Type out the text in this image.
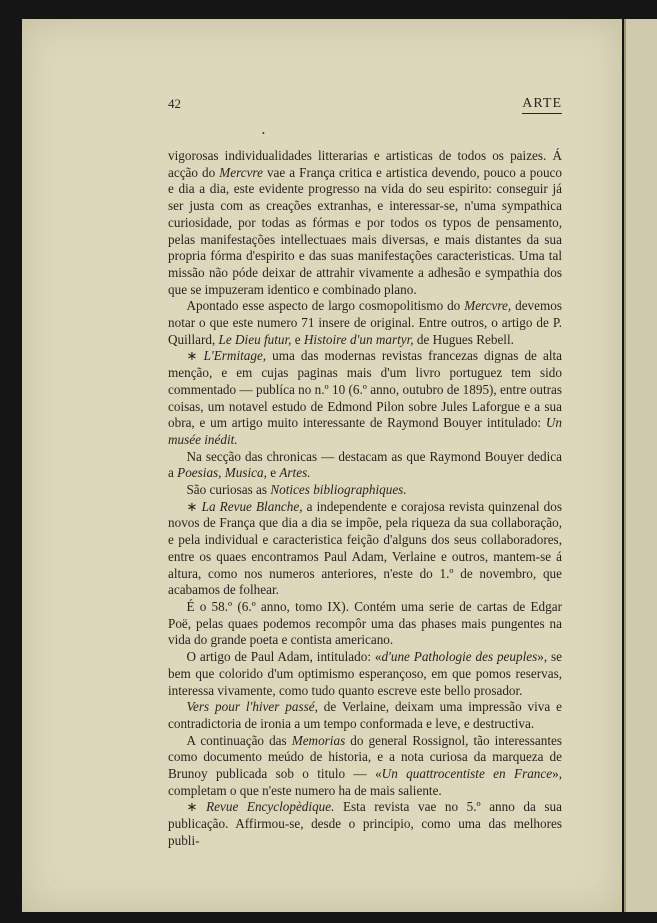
42	ARTE
•

vigorosas individualidades litterarias e artisticas de todos os paizes. Á acção do Mercvre vae a França critica e artistica devendo, pouco a pouco e dia a dia, este evidente progresso na vida do seu espirito: conseguir já ser justa com as creações extranhas, e interessar-se, n'uma sympathica curiosidade, por todas as fórmas e por todos os typos de pensamento, pelas manifestações intellectuaes mais diversas, e mais distantes da sua propria fórma d'espirito e das suas manifestações caracteristicas. Uma tal missão não póde deixar de attrahir vivamente a adhesão e sympathia dos que se impuzeram identico e combinado plano.

Apontado esse aspecto de largo cosmopolitismo do Mercvre, devemos notar o que este numero 71 insere de original. Entre outros, o artigo de P. Quillard, Le Dieu futur, e Histoire d'un martyr, de Hugues Rebell.

∗ L'Ermitage, uma das modernas revistas francezas dignas de alta menção, e em cujas paginas mais d'um livro portuguez tem sido commentado — publíca no n.º 10 (6.º anno, outubro de 1895), entre outras coisas, um notavel estudo de Edmond Pilon sobre Jules Laforgue e a sua obra, e um artigo muito interessante de Raymond Bouyer intitulado: Un musée inédit.

Na secção das chronicas — destacam as que Raymond Bouyer dedica a Poesias, Musica, e Artes.

São curiosas as Notices bibliographiques.

∗ La Revue Blanche, a independente e corajosa revista quinzenal dos novos de França que dia a dia se impõe, pela riqueza da sua collaboração, e pela individual e caracteristica feição d'alguns dos seus collaboradores, entre os quaes encontramos Paul Adam, Verlaine e outros, mantem-se á altura, como nos numeros anteriores, n'este do 1.º de novembro, que acabamos de folhear.

É o 58.º (6.º anno, tomo IX). Contém uma serie de cartas de Edgar Poë, pelas quaes podemos recompôr uma das phases mais pungentes na vida do grande poeta e contista americano.

O artigo de Paul Adam, intitulado: «d'une Pathologie des peuples», se bem que colorido d'um optimismo esperançoso, em que pomos reservas, interessa vivamente, como tudo quanto escreve este bello prosador.

Vers pour l'hiver passé, de Verlaine, deixam uma impressão viva e contradictoria de ironia a um tempo conformada e leve, e destructiva.

A continuação das Memorias do general Rossignol, tão interessantes como documento meúdo de historia, e a nota curiosa da marqueza de Brunoy publicada sob o titulo — «Un quattrocentiste en France», completam o que n'este numero ha de mais saliente.

∗ Revue Encyclopèdique. Esta revista vae no 5.º anno da sua publicação. Affirmou-se, desde o principio, como uma das melhores publi-
